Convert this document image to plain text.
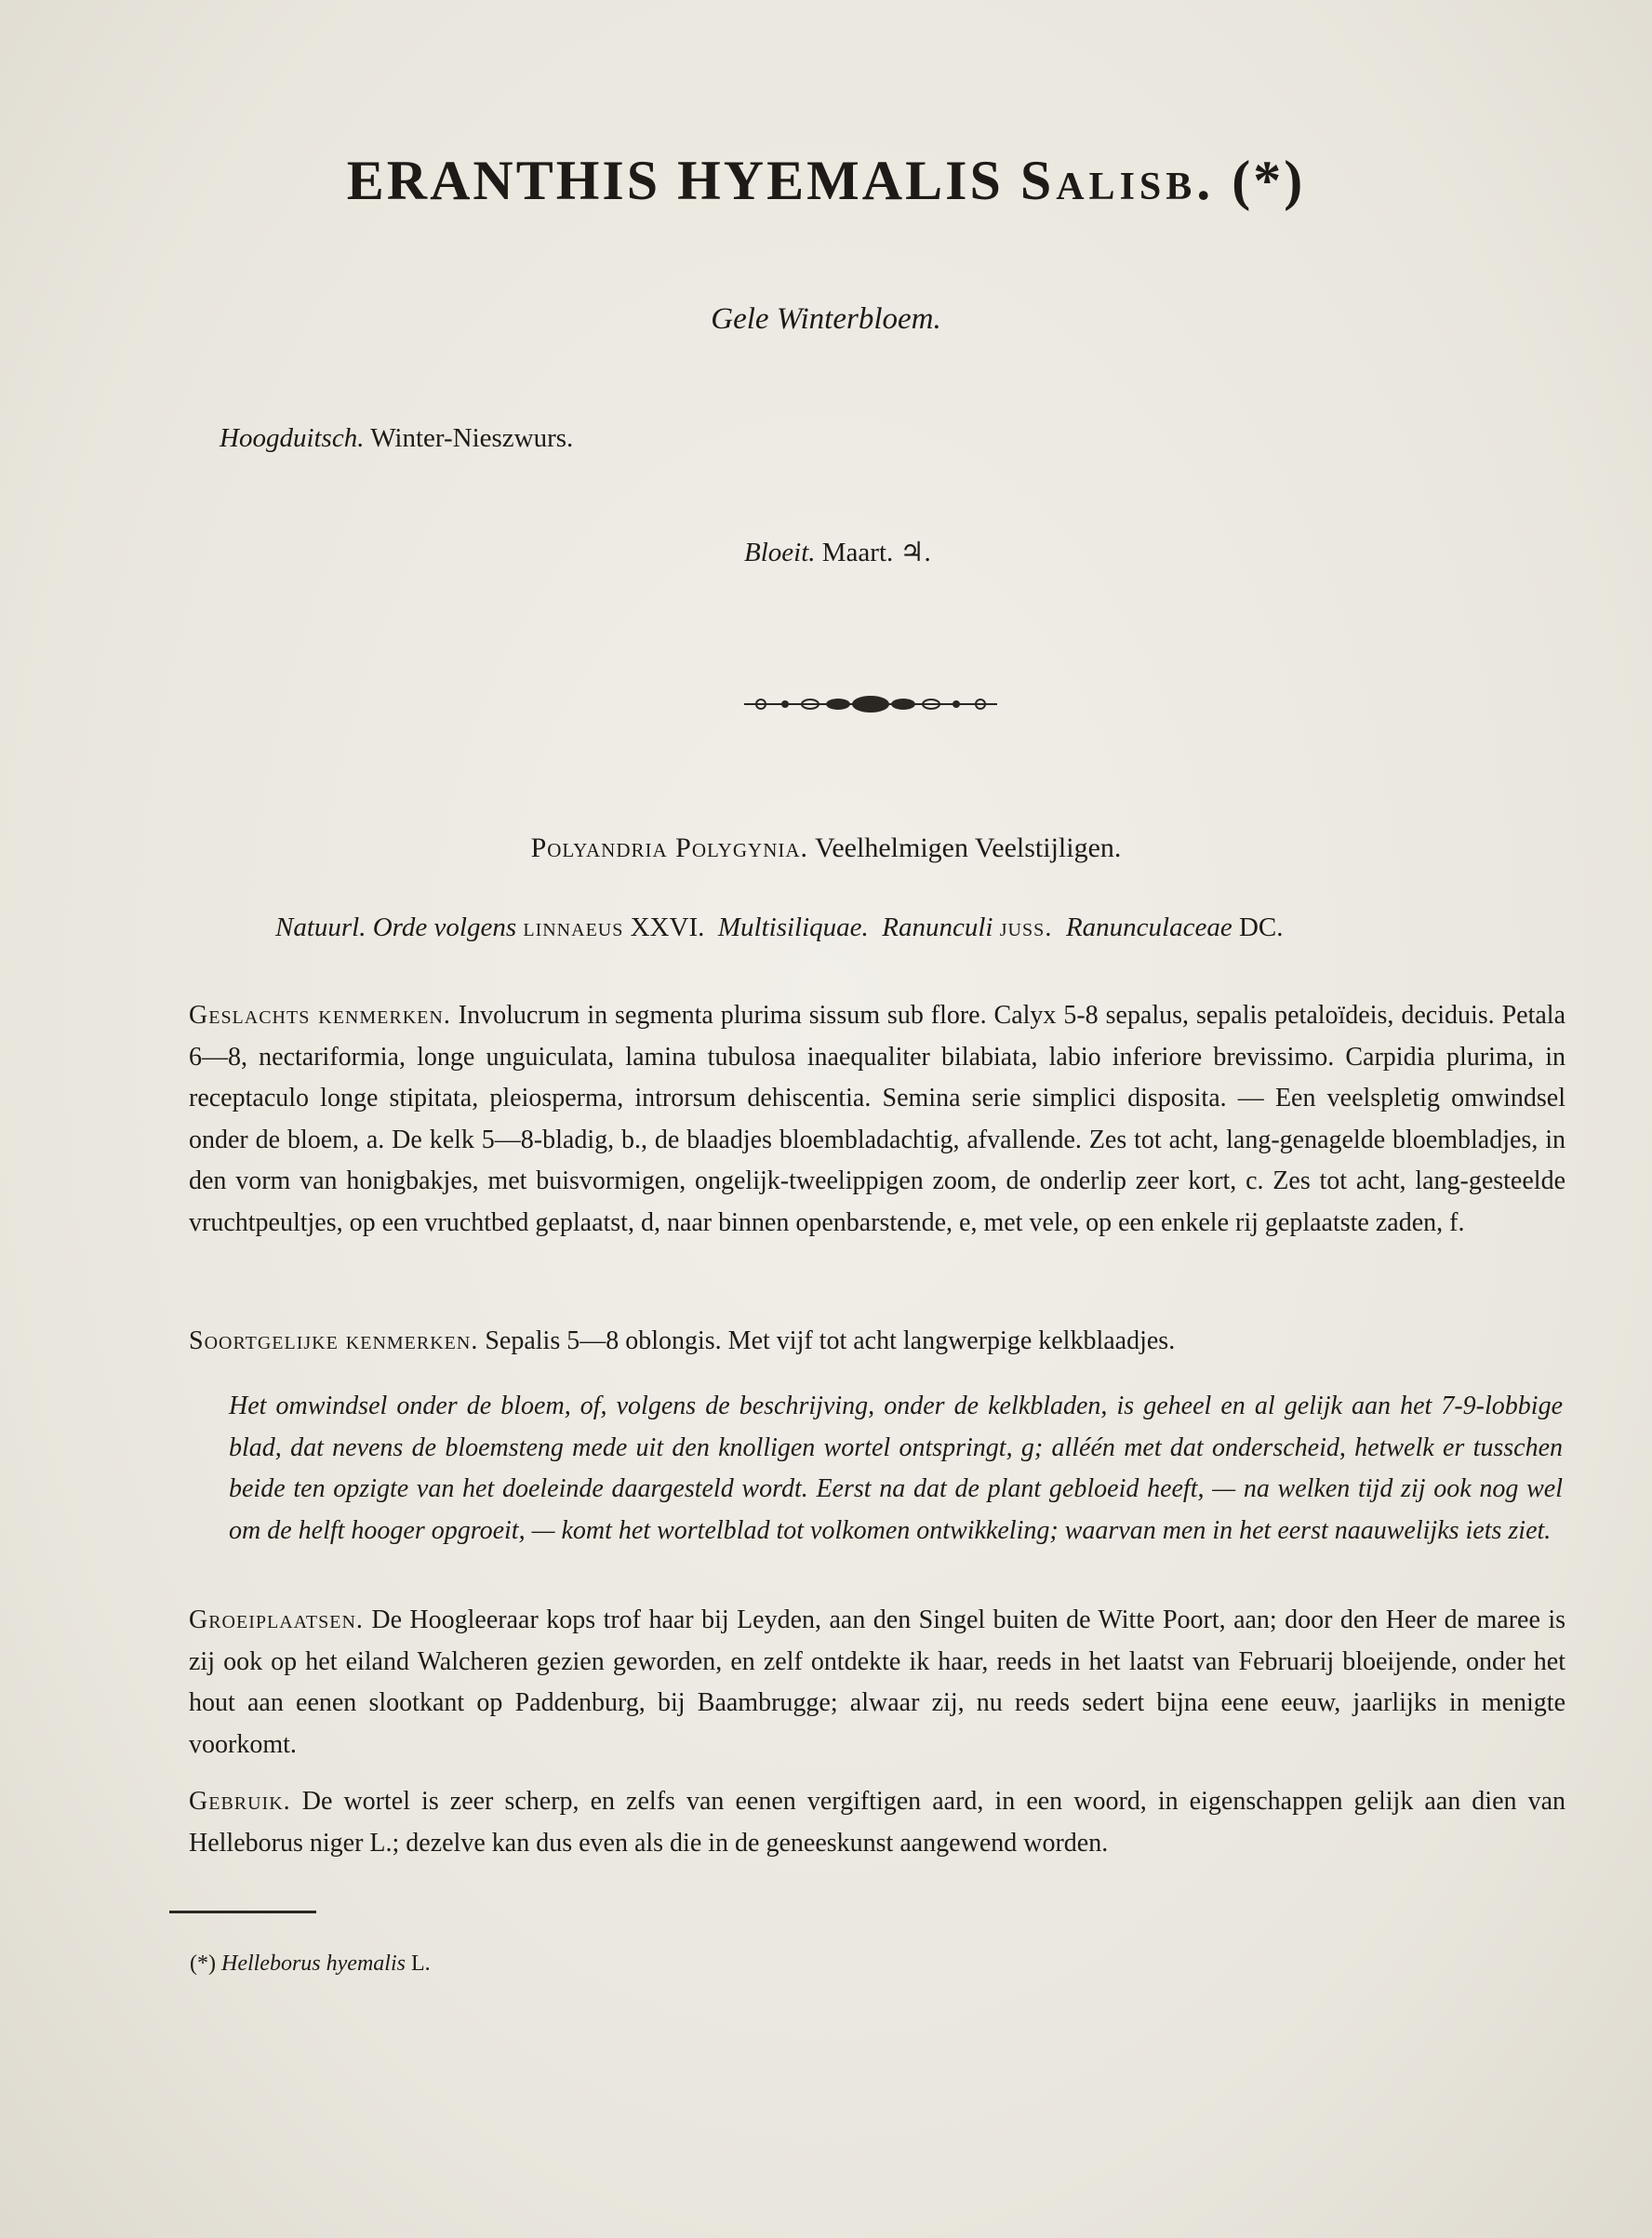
ERANTHIS HYEMALIS Salisb. (*)
Gele Winterbloem.
Hoogduitsch. Winter-Nieszwurs.
Bloeit. Maart. ♃.
Polyandria Polygynia. Veelhelmigen Veelstijligen.
Natuurl. Orde volgens linnaeus XXVI. Multisiliquae. Ranunculi juss. Ranunculaceae DC.

Geslachts kenmerken. Involucrum in segmenta plurima sissum sub flore. Calyx 5-8 sepalus, sepalis petaloïdeis, deciduis. Petala 6—8, nectariformia, longe unguiculata, lamina tubulosa inaequaliter bilabiata, labio inferiore brevissimo. Carpidia plurima, in receptaculo longe stipitata, pleiosperma, introrsum dehiscentia. Semina serie simplici disposita. — Een veelspletig omwindsel onder de bloem, a. De kelk 5—8-bladig, b., de blaadjes bloembladachtig, afvallende. Zes tot acht, lang-genagelde bloembladjes, in den vorm van honigbakjes, met buisvormigen, ongelijk-tweelippigen zoom, de onderlip zeer kort, c. Zes tot acht, lang-gesteelde vruchtpeultjes, op een vruchtbed geplaatst, d, naar binnen openbarstende, e, met vele, op een enkele rij geplaatste zaden, f.

Soortgelijke kenmerken. Sepalis 5—8 oblongis. Met vijf tot acht langwerpige kelkblaadjes.

Het omwindsel onder de bloem, of, volgens de beschrijving, onder de kelkbladen, is geheel en al gelijk aan het 7-9-lobbige blad, dat nevens de bloemsteng mede uit den knolligen wortel ontspringt, g; alléén met dat onderscheid, hetwelk er tusschen beide ten opzigte van het doeleinde daargesteld wordt. Eerst na dat de plant gebloeid heeft, — na welken tijd zij ook nog wel om de helft hooger opgroeit, — komt het wortelblad tot volkomen ontwikkeling; waarvan men in het eerst naauwelijks iets ziet.

Groeiplaatsen. De Hoogleeraar kops trof haar bij Leyden, aan den Singel buiten de Witte Poort, aan; door den Heer de maree is zij ook op het eiland Walcheren gezien geworden, en zelf ontdekte ik haar, reeds in het laatst van Februarij bloeijende, onder het hout aan eenen slootkant op Paddenburg, bij Baambrugge; alwaar zij, nu reeds sedert bijna eene eeuw, jaarlijks in menigte voorkomt.

Gebruik. De wortel is zeer scherp, en zelfs van eenen vergiftigen aard, in een woord, in eigenschappen gelijk aan dien van Helleborus niger L.; dezelve kan dus even als die in de geneeskunst aangewend worden.

(*) Helleborus hyemalis L.
